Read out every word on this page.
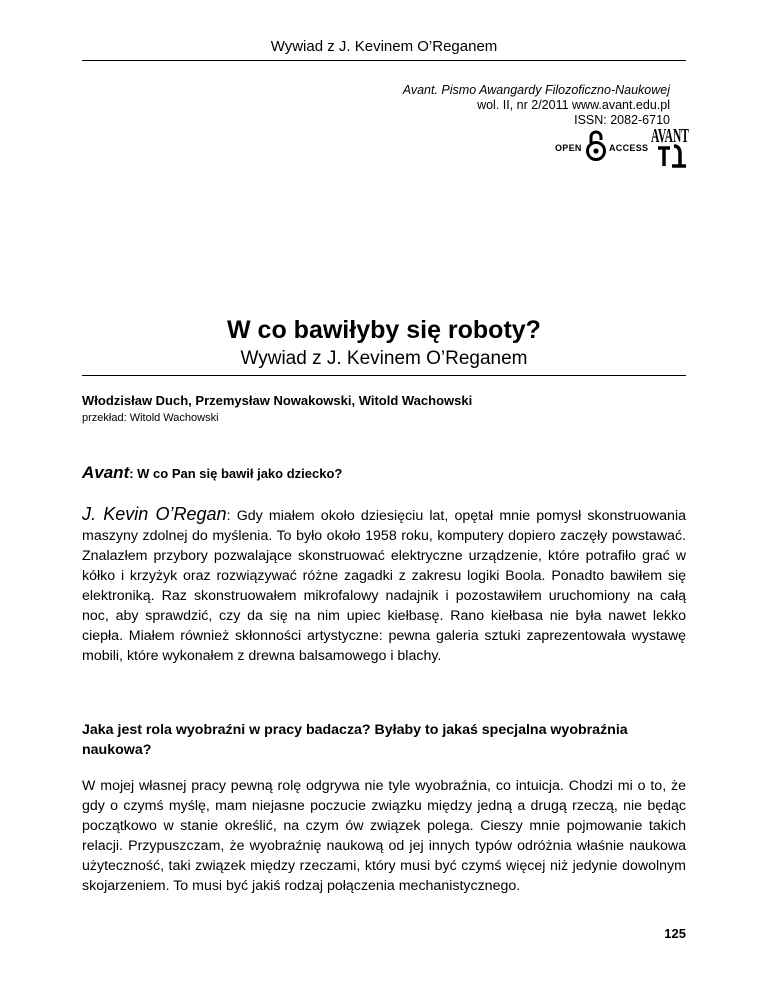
Wywiad z J. Kevinem O’Reganem
Avant. Pismo Awangardy Filozoficzno-Naukowej
wol. II, nr 2/2011 www.avant.edu.pl
ISSN: 2082-6710
OPEN	ACCESS
AVANT
W co bawiłyby się roboty?
Wywiad z J. Kevinem O’Reganem
Włodzisław Duch, Przemysław Nowakowski, Witold Wachowski
przekład: Witold Wachowski
Avant: W co Pan się bawił jako dziecko?
J. Kevin O’Regan: Gdy miałem około dziesięciu lat, opętał mnie pomysł skonstruowania maszyny zdolnej do myślenia. To było około 1958 roku, komputery dopiero zaczęły powstawać. Znalazłem przybory pozwalające skonstruować elektryczne urządzenie, które potrafiło grać w kółko i krzyżyk oraz rozwiązywać różne zagadki z zakresu logiki Boola. Ponadto bawiłem się elektroniką. Raz skonstruowałem mikrofalowy nadajnik i pozostawiłem uruchomiony na całą noc, aby sprawdzić, czy da się na nim upiec kiełbasę. Rano kiełbasa nie była nawet lekko ciepła. Miałem również skłonności artystyczne: pewna galeria sztuki zaprezentowała wystawę mobili, które wykonałem z drewna balsamowego i blachy.
Jaka jest rola wyobraźni w pracy badacza? Byłaby to jakaś specjalna wyobraźnia naukowa?
W mojej własnej pracy pewną rolę odgrywa nie tyle wyobraźnia, co intuicja. Chodzi mi o to, że gdy o czymś myślę, mam niejasne poczucie związku między jedną a drugą rzeczą, nie będąc początkowo w stanie określić, na czym ów związek polega. Cieszy mnie pojmowanie takich relacji. Przypuszczam, że wyobraźnię naukową od jej innych typów odróżnia właśnie naukowa użyteczność, taki związek między rzeczami, który musi być czymś więcej niż jedynie dowolnym skojarzeniem. To musi być jakiś rodzaj połączenia mechanistycznego.
125
